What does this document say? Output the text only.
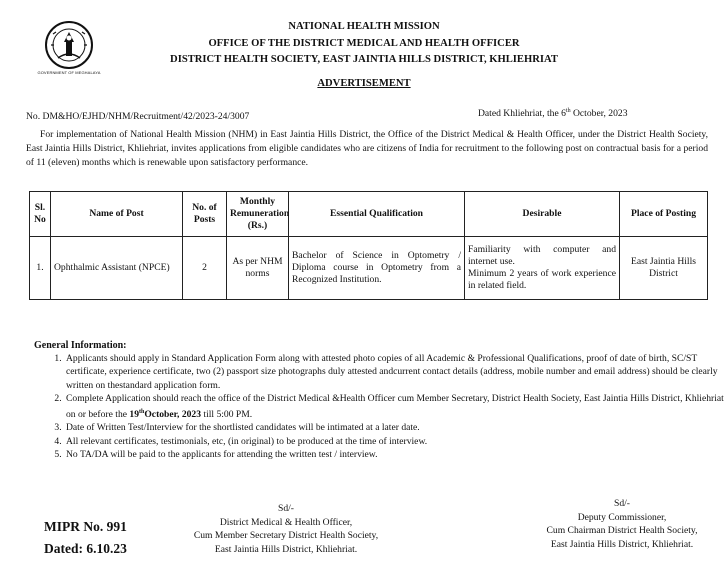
GOVERNMENT OF MEGHALAYA
NATIONAL HEALTH MISSION
OFFICE OF THE DISTRICT MEDICAL AND HEALTH OFFICER
DISTRICT HEALTH SOCIETY, EAST JAINTIA HILLS DISTRICT, KHLIEHRIAT
ADVERTISEMENT
No. DM&HO/EJHD/NHM/Recruitment/42/2023-24/3007	Dated Khliehriat, the 6th October, 2023
For implementation of National Health Mission (NHM) in East Jaintia Hills District, the Office of the District Medical & Health Officer, under the District Health Society, East Jaintia Hills District, Khliehriat, invites applications from eligible candidates who are citizens of India for recruitment to the following post on contractual basis for a period of 11 (eleven) months which is renewable upon satisfactory performance.
Sl. No	Name of Post	No. of Posts	Monthly Remuneration (Rs.)	Essential Qualification	Desirable	Place of Posting
1.	Ophthalmic Assistant (NPCE)	2	As per NHM norms	Bachelor of Science in Optometry / Diploma course in Optometry from a Recognized Institution.	Familiarity with computer and internet use.
Minimum 2 years of work experience in related field.	East Jaintia Hills District
General Information:
1. Applicants should apply in Standard Application Form along with attested photo copies of all Academic & Professional Qualifications, proof of date of birth, SC/ST certificate, experience certificate, two (2) passport size photographs duly attested andcurrent contact details (address, mobile number and email address) should be clearly written on thestandard application form.
2. Complete Application should reach the office of the District Medical &Health Officer cum Member Secretary, District Health Society, East Jaintia Hills District, Khliehriat on or before the 19thOctober, 2023 till 5:00 PM.
3. Date of Written Test/Interview for the shortlisted candidates will be intimated at a later date.
4. All relevant certificates, testimonials, etc, (in original) to be produced at the time of interview.
5. No TA/DA will be paid to the applicants for attending the written test / interview.
MIPR No. 991
Dated: 6.10.23
Sd/-
District Medical & Health Officer,
Cum Member Secretary District Health Society,
East Jaintia Hills District, Khliehriat.
Sd/-
Deputy Commissioner,
Cum Chairman District Health Society,
East Jaintia Hills District, Khliehriat.
